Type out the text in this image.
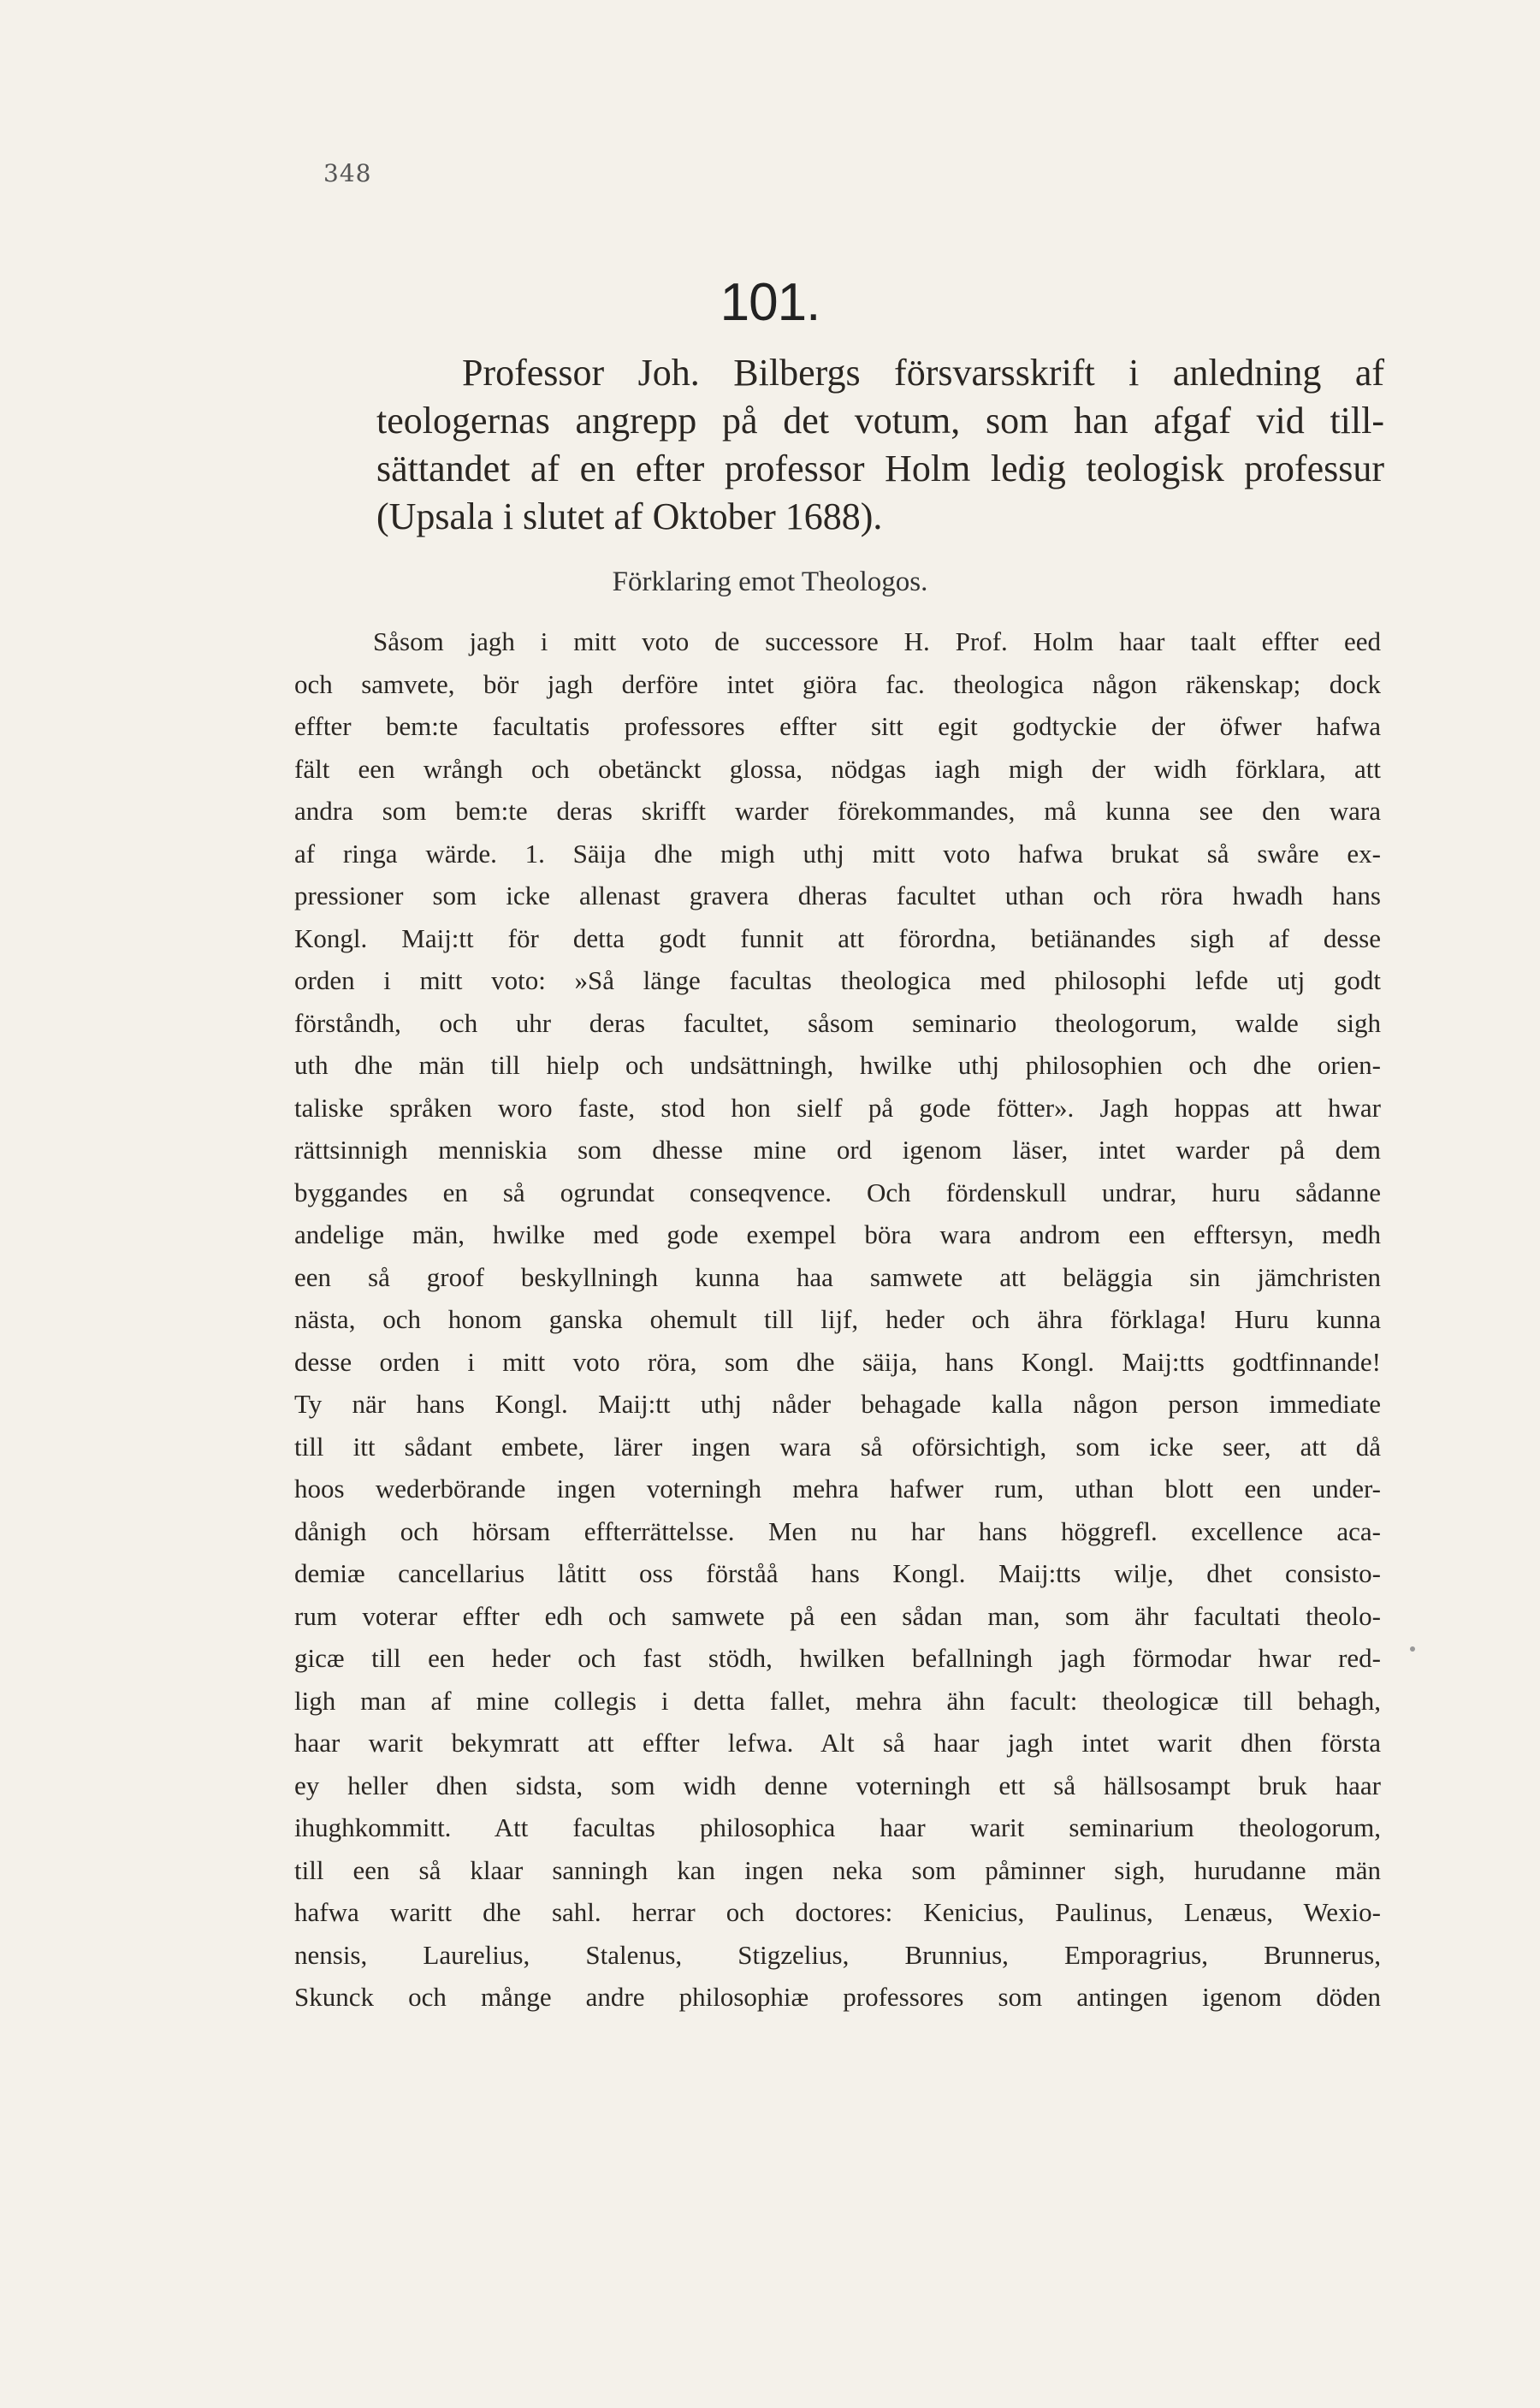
348
101.
Professor Joh. Bilbergs försvarsskrift i anledning af
teologernas angrepp på det votum, som han afgaf vid till-
sättandet af en efter professor Holm ledig teologisk professur
(Upsala i slutet af Oktober 1688).
Förklaring emot Theologos.
Såsom jagh i mitt voto de successore H. Prof. Holm haar taalt effter eed
och samvete, bör jagh derföre intet giöra fac. theologica någon räkenskap; dock
effter bem:te facultatis professores effter sitt egit godtyckie der öfwer hafwa
fält een wrångh och obetänckt glossa, nödgas iagh migh der widh förklara, att
andra som bem:te deras skrifft warder förekommandes, må kunna see den wara
af ringa wärde. 1. Säija dhe migh uthj mitt voto hafwa brukat så swåre ex-
pressioner som icke allenast gravera dheras facultet uthan och röra hwadh hans
Kongl. Maij:tt för detta godt funnit att förordna, betiänandes sigh af desse
orden i mitt voto: »Så länge facultas theologica med philosophi lefde utj godt
förståndh, och uhr deras facultet, såsom seminario theologorum, walde sigh
uth dhe män till hielp och undsättningh, hwilke uthj philosophien och dhe orien-
taliske språken woro faste, stod hon sielf på gode fötter». Jagh hoppas att hwar
rättsinnigh menniskia som dhesse mine ord igenom läser, intet warder på dem
byggandes en så ogrundat conseqvence. Och fördenskull undrar, huru sådanne
andelige män, hwilke med gode exempel böra wara androm een efftersyn, medh
een så groof beskyllningh kunna haa samwete att beläggia sin jämchristen
nästa, och honom ganska ohemult till lijf, heder och ähra förklaga! Huru kunna
desse orden i mitt voto röra, som dhe säija, hans Kongl. Maij:tts godtfinnande!
Ty när hans Kongl. Maij:tt uthj nåder behagade kalla någon person immediate
till itt sådant embete, lärer ingen wara så oförsichtigh, som icke seer, att då
hoos wederbörande ingen voterningh mehra hafwer rum, uthan blott een under-
dånigh och hörsam effterrättelsse. Men nu har hans höggrefl. excellence aca-
demiæ cancellarius låtitt oss förståå hans Kongl. Maij:tts wilje, dhet consisto-
rum voterar effter edh och samwete på een sådan man, som ähr facultati theolo-
gicæ till een heder och fast stödh, hwilken befallningh jagh förmodar hwar red-
ligh man af mine collegis i detta fallet, mehra ähn facult: theologicæ till behagh,
haar warit bekymratt att effter lefwa. Alt så haar jagh intet warit dhen första
ey heller dhen sidsta, som widh denne voterningh ett så hällsosampt bruk haar
ihughkommitt. Att facultas philosophica haar warit seminarium theologorum,
till een så klaar sanningh kan ingen neka som påminner sigh, hurudanne män
hafwa waritt dhe sahl. herrar och doctores: Kenicius, Paulinus, Lenæus, Wexio-
nensis, Laurelius, Stalenus, Stigzelius, Brunnius, Emporagrius, Brunnerus,
Skunck och månge andre philosophiæ professores som antingen igenom döden
